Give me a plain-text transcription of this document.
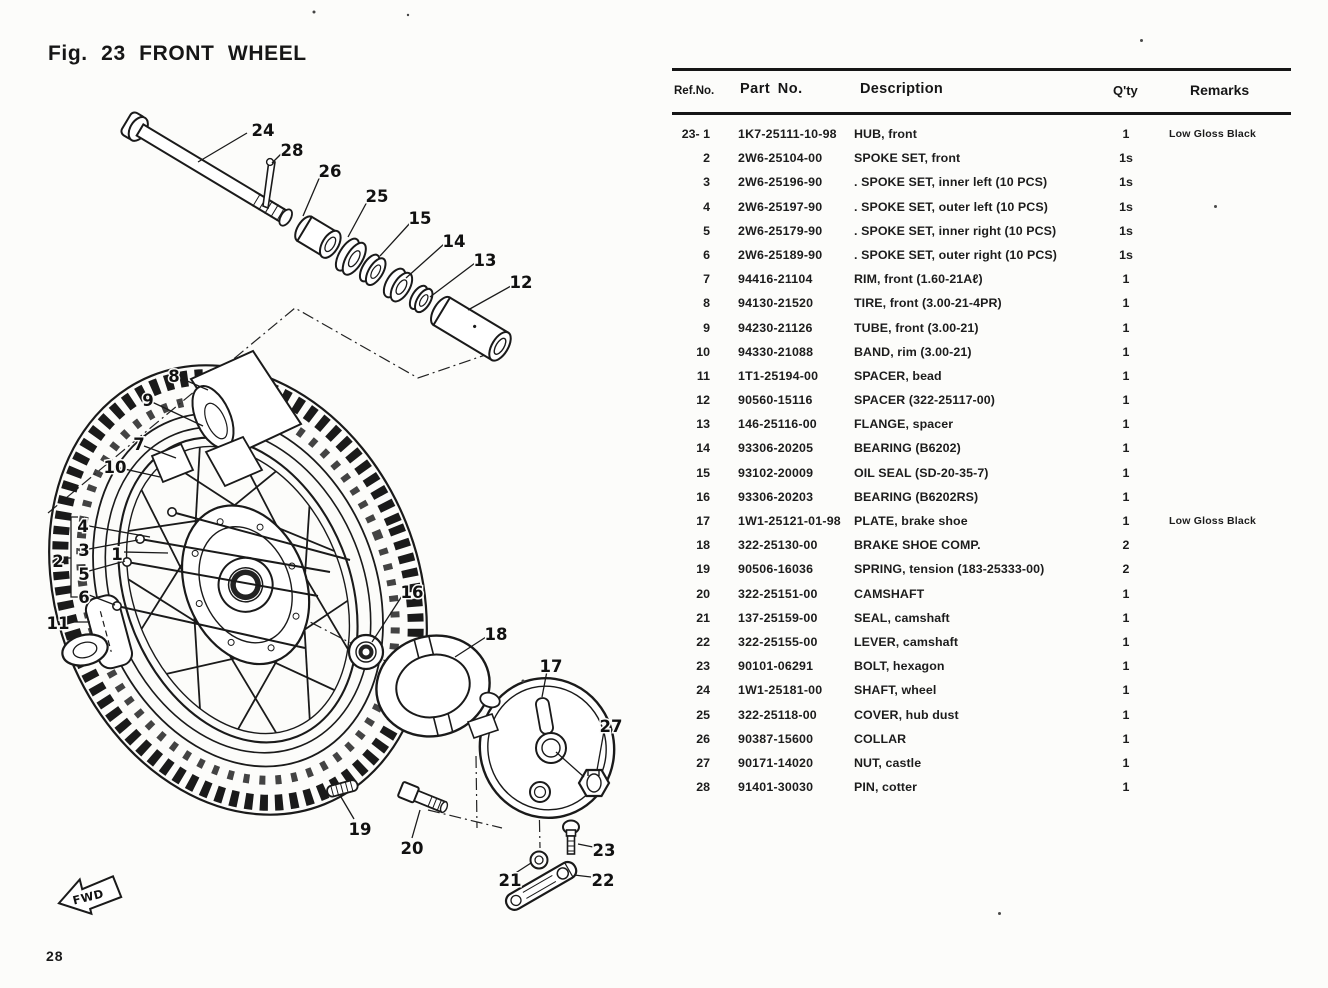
Fig. 23 FRONT WHEEL
FWD
24
28
26
25
15
14
13
12
8
9
7
10
4
3
2
5
6
1
11
16
18
17
27
19
20
21	22
23
Ref.No. Part No.	Description	Q'ty	Remarks
23- 1	1K7-25111-10-98	HUB, front	1	Low Gloss Black
2	2W6-25104-00	SPOKE SET, front	1s
3	2W6-25196-90	. SPOKE SET, inner left (10 PCS)	1s
4	2W6-25197-90	. SPOKE SET, outer left (10 PCS)	1s
5	2W6-25179-90	. SPOKE SET, inner right (10 PCS)	1s
6	2W6-25189-90	. SPOKE SET, outer right (10 PCS)	1s
7	94416-21104	RIM, front (1.60-21Aℓ)	1
8	94130-21520	TIRE, front (3.00-21-4PR)	1
9	94230-21126	TUBE, front (3.00-21)	1
10	94330-21088	BAND, rim (3.00-21)	1
11	1T1-25194-00	SPACER, bead	1
12	90560-15116	SPACER (322-25117-00)	1
13	146-25116-00	FLANGE, spacer	1
14	93306-20205	BEARING (B6202)	1
15	93102-20009	OIL SEAL (SD-20-35-7)	1
16	93306-20203	BEARING (B6202RS)	1
17	1W1-25121-01-98	PLATE, brake shoe	1	Low Gloss Black
18	322-25130-00	BRAKE SHOE COMP.	2
19	90506-16036	SPRING, tension (183-25333-00)	2
20	322-25151-00	CAMSHAFT	1
21	137-25159-00	SEAL, camshaft	1
22	322-25155-00	LEVER, camshaft	1
23	90101-06291	BOLT, hexagon	1
24	1W1-25181-00	SHAFT, wheel	1
25	322-25118-00	COVER, hub dust	1
26	90387-15600	COLLAR	1
27	90171-14020	NUT, castle	1
28	91401-30030	PIN, cotter	1
28
